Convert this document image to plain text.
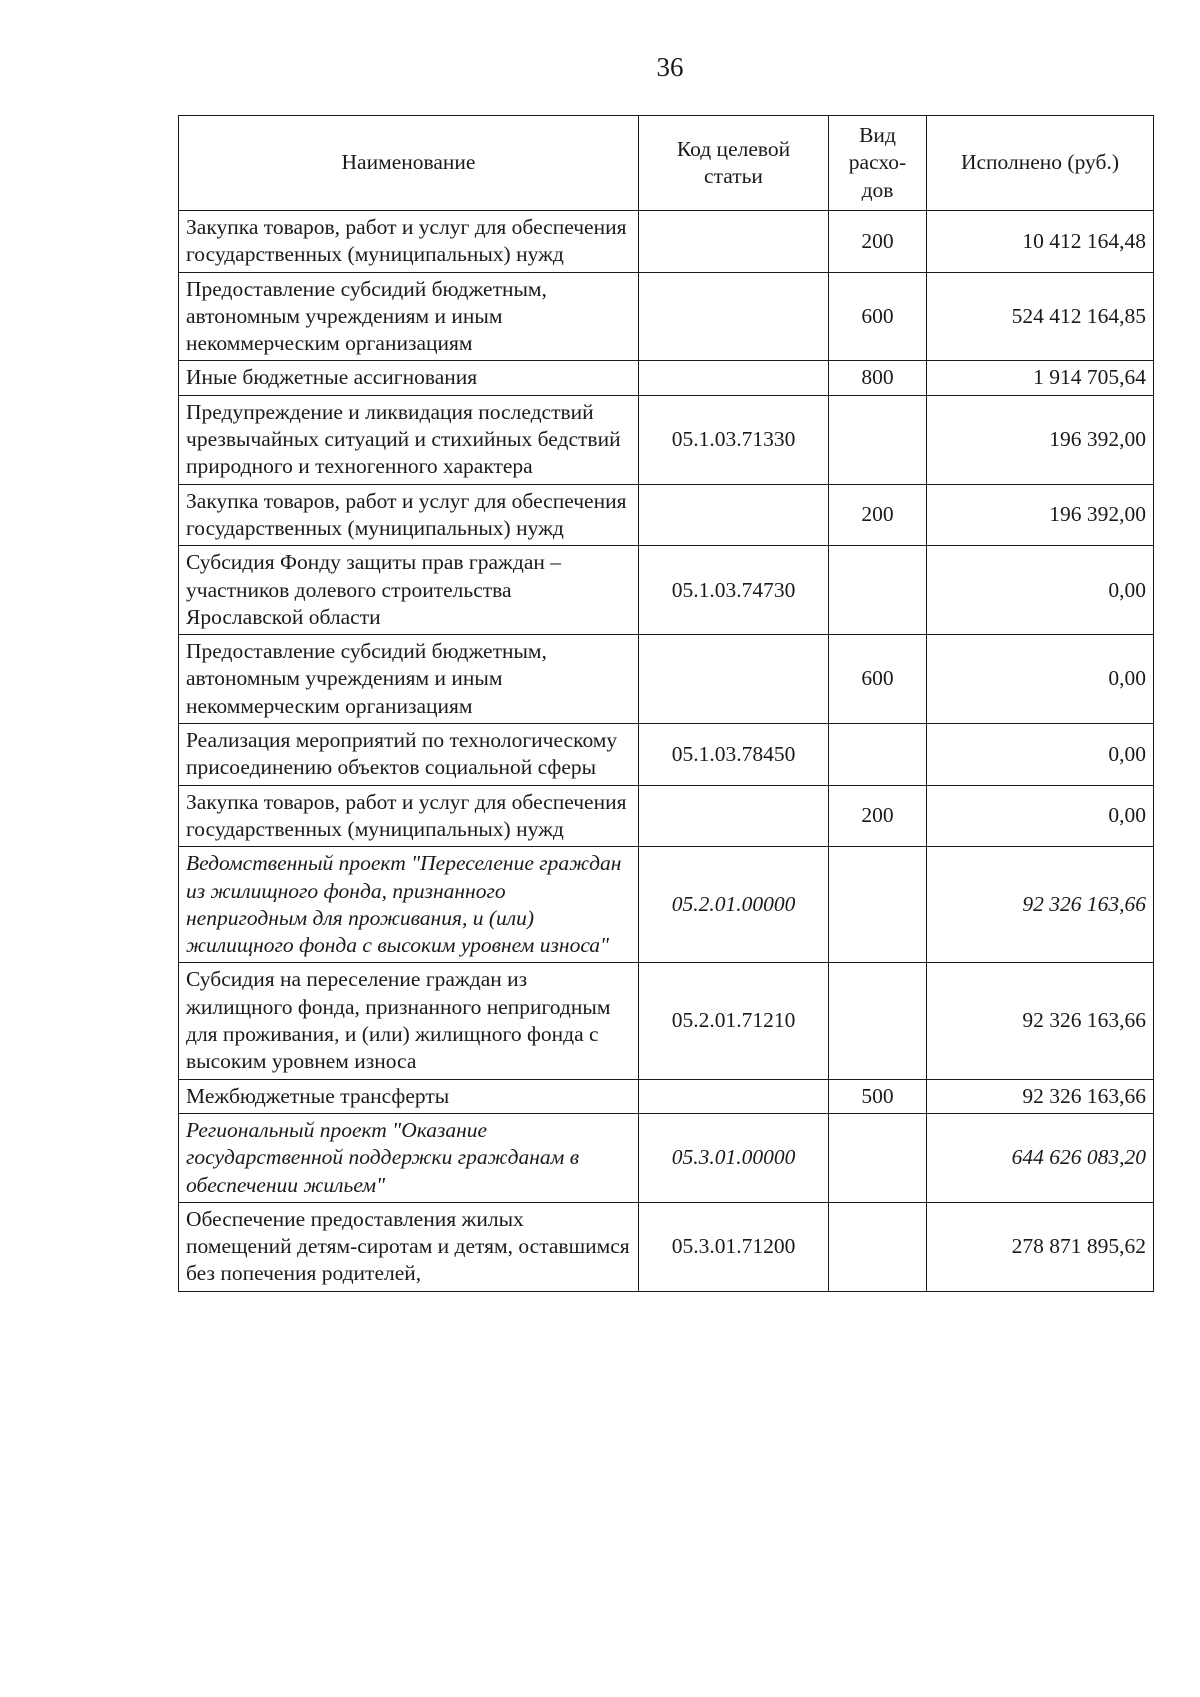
36
Наименование	Код целевой статьи	Вид расхо-дов	Исполнено (руб.)
Закупка товаров, работ и услуг для обеспечения государственных (муниципальных) нужд		200	10 412 164,48
Предоставление субсидий бюджетным, автономным учреждениям и иным некоммерческим организациям		600	524 412 164,85
Иные бюджетные ассигнования		800	1 914 705,64
Предупреждение и ликвидация последствий чрезвычайных ситуаций и стихийных бедствий природного и техногенного характера	05.1.03.71330		196 392,00
Закупка товаров, работ и услуг для обеспечения государственных (муниципальных) нужд		200	196 392,00
Субсидия Фонду защиты прав граждан – участников долевого строительства Ярославской области	05.1.03.74730		0,00
Предоставление субсидий бюджетным, автономным учреждениям и иным некоммерческим организациям		600	0,00
Реализация мероприятий по технологическому присоединению объектов социальной сферы	05.1.03.78450		0,00
Закупка товаров, работ и услуг для обеспечения государственных (муниципальных) нужд		200	0,00
Ведомственный проект "Переселение граждан из жилищного фонда, признанного непригодным для проживания, и (или) жилищного фонда с высоким уровнем износа"	05.2.01.00000		92 326 163,66
Субсидия на переселение граждан из жилищного фонда, признанного непригодным для проживания, и (или) жилищного фонда с высоким уровнем износа	05.2.01.71210		92 326 163,66
Межбюджетные трансферты		500	92 326 163,66
Региональный проект "Оказание государственной поддержки гражданам в обеспечении жильем"	05.3.01.00000		644 626 083,20
Обеспечение предоставления жилых помещений детям-сиротам и детям, оставшимся без попечения родителей,	05.3.01.71200		278 871 895,62
